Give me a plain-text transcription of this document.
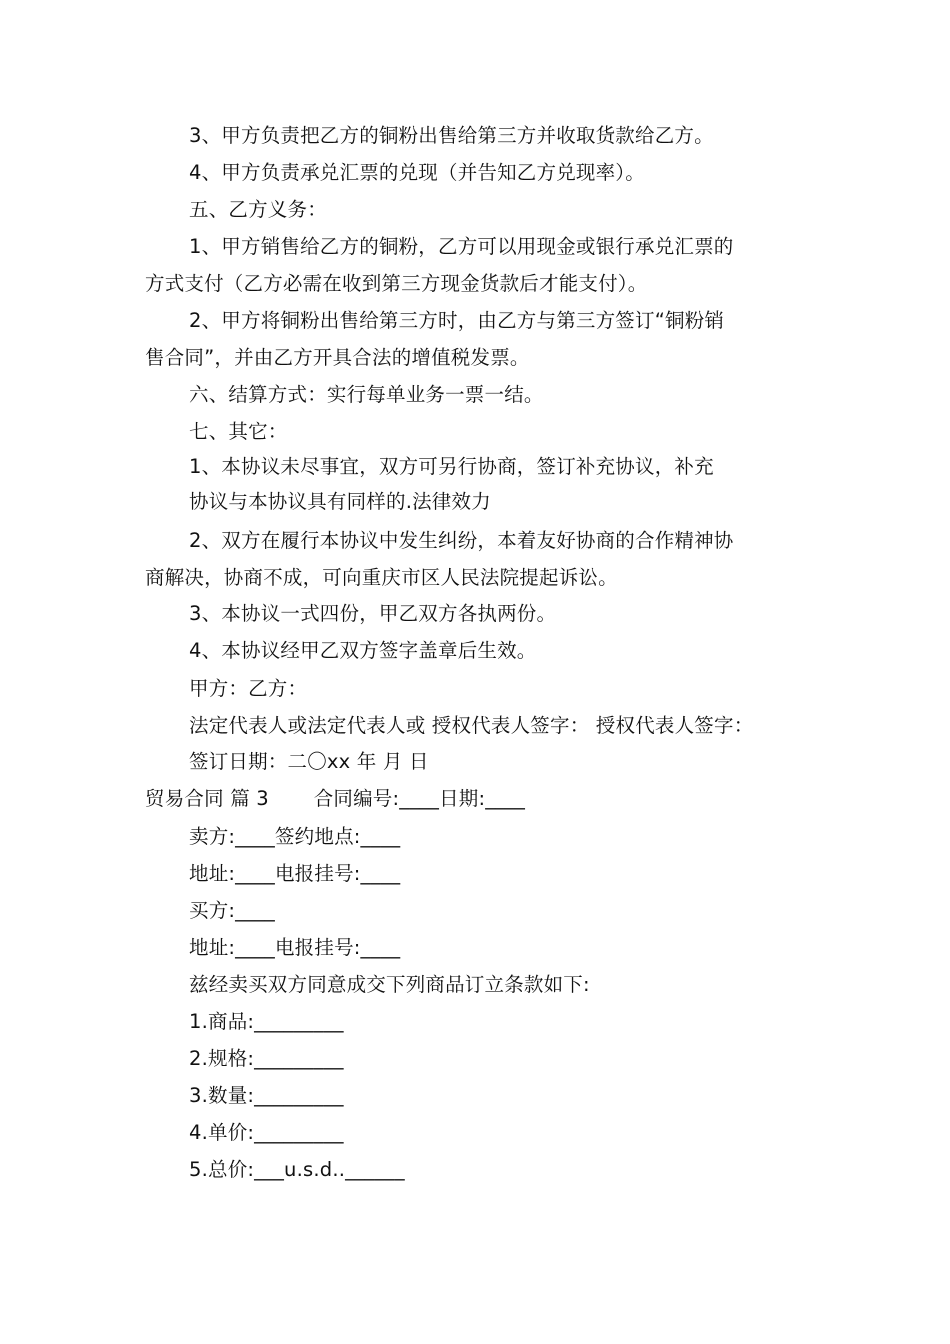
3、甲方负责把乙方的铜粉出售给第三方并收取货款给乙方。

4、甲方负责承兑汇票的兑现（并告知乙方兑现率）。

五、乙方义务：

1、甲方销售给乙方的铜粉，乙方可以用现金或银行承兑汇票的

方式支付（乙方必需在收到第三方现金货款后才能支付）。

2、甲方将铜粉出售给第三方时，由乙方与第三方签订“铜粉销

售合同”，并由乙方开具合法的增值税发票。

六、结算方式：实行每单业务一票一结。

七、其它：

1、本协议未尽事宜，双方可另行协商，签订补充协议，补充

协议与本协议具有同样的.法律效力

2、双方在履行本协议中发生纠纷，本着友好协商的合作精神协

商解决，协商不成，可向重庆市区人民法院提起诉讼。

3、本协议一式四份，甲乙双方各执两份。

4、本协议经甲乙双方签字盖章后生效。

甲方：乙方：

法定代表人或法定代表人或 授权代表人签字： 授权代表人签字：

签订日期：二〇xx 年 月 日

贸易合同 篇 3       合同编号:____日期:____

卖方:____签约地点:____

地址:____电报挂号:____

买方:____

地址:____电报挂号:____

兹经卖买双方同意成交下列商品订立条款如下:

1.商品:_________

2.规格:_________

3.数量:_________

4.单价:_________

5.总价:___u.s.d..______
